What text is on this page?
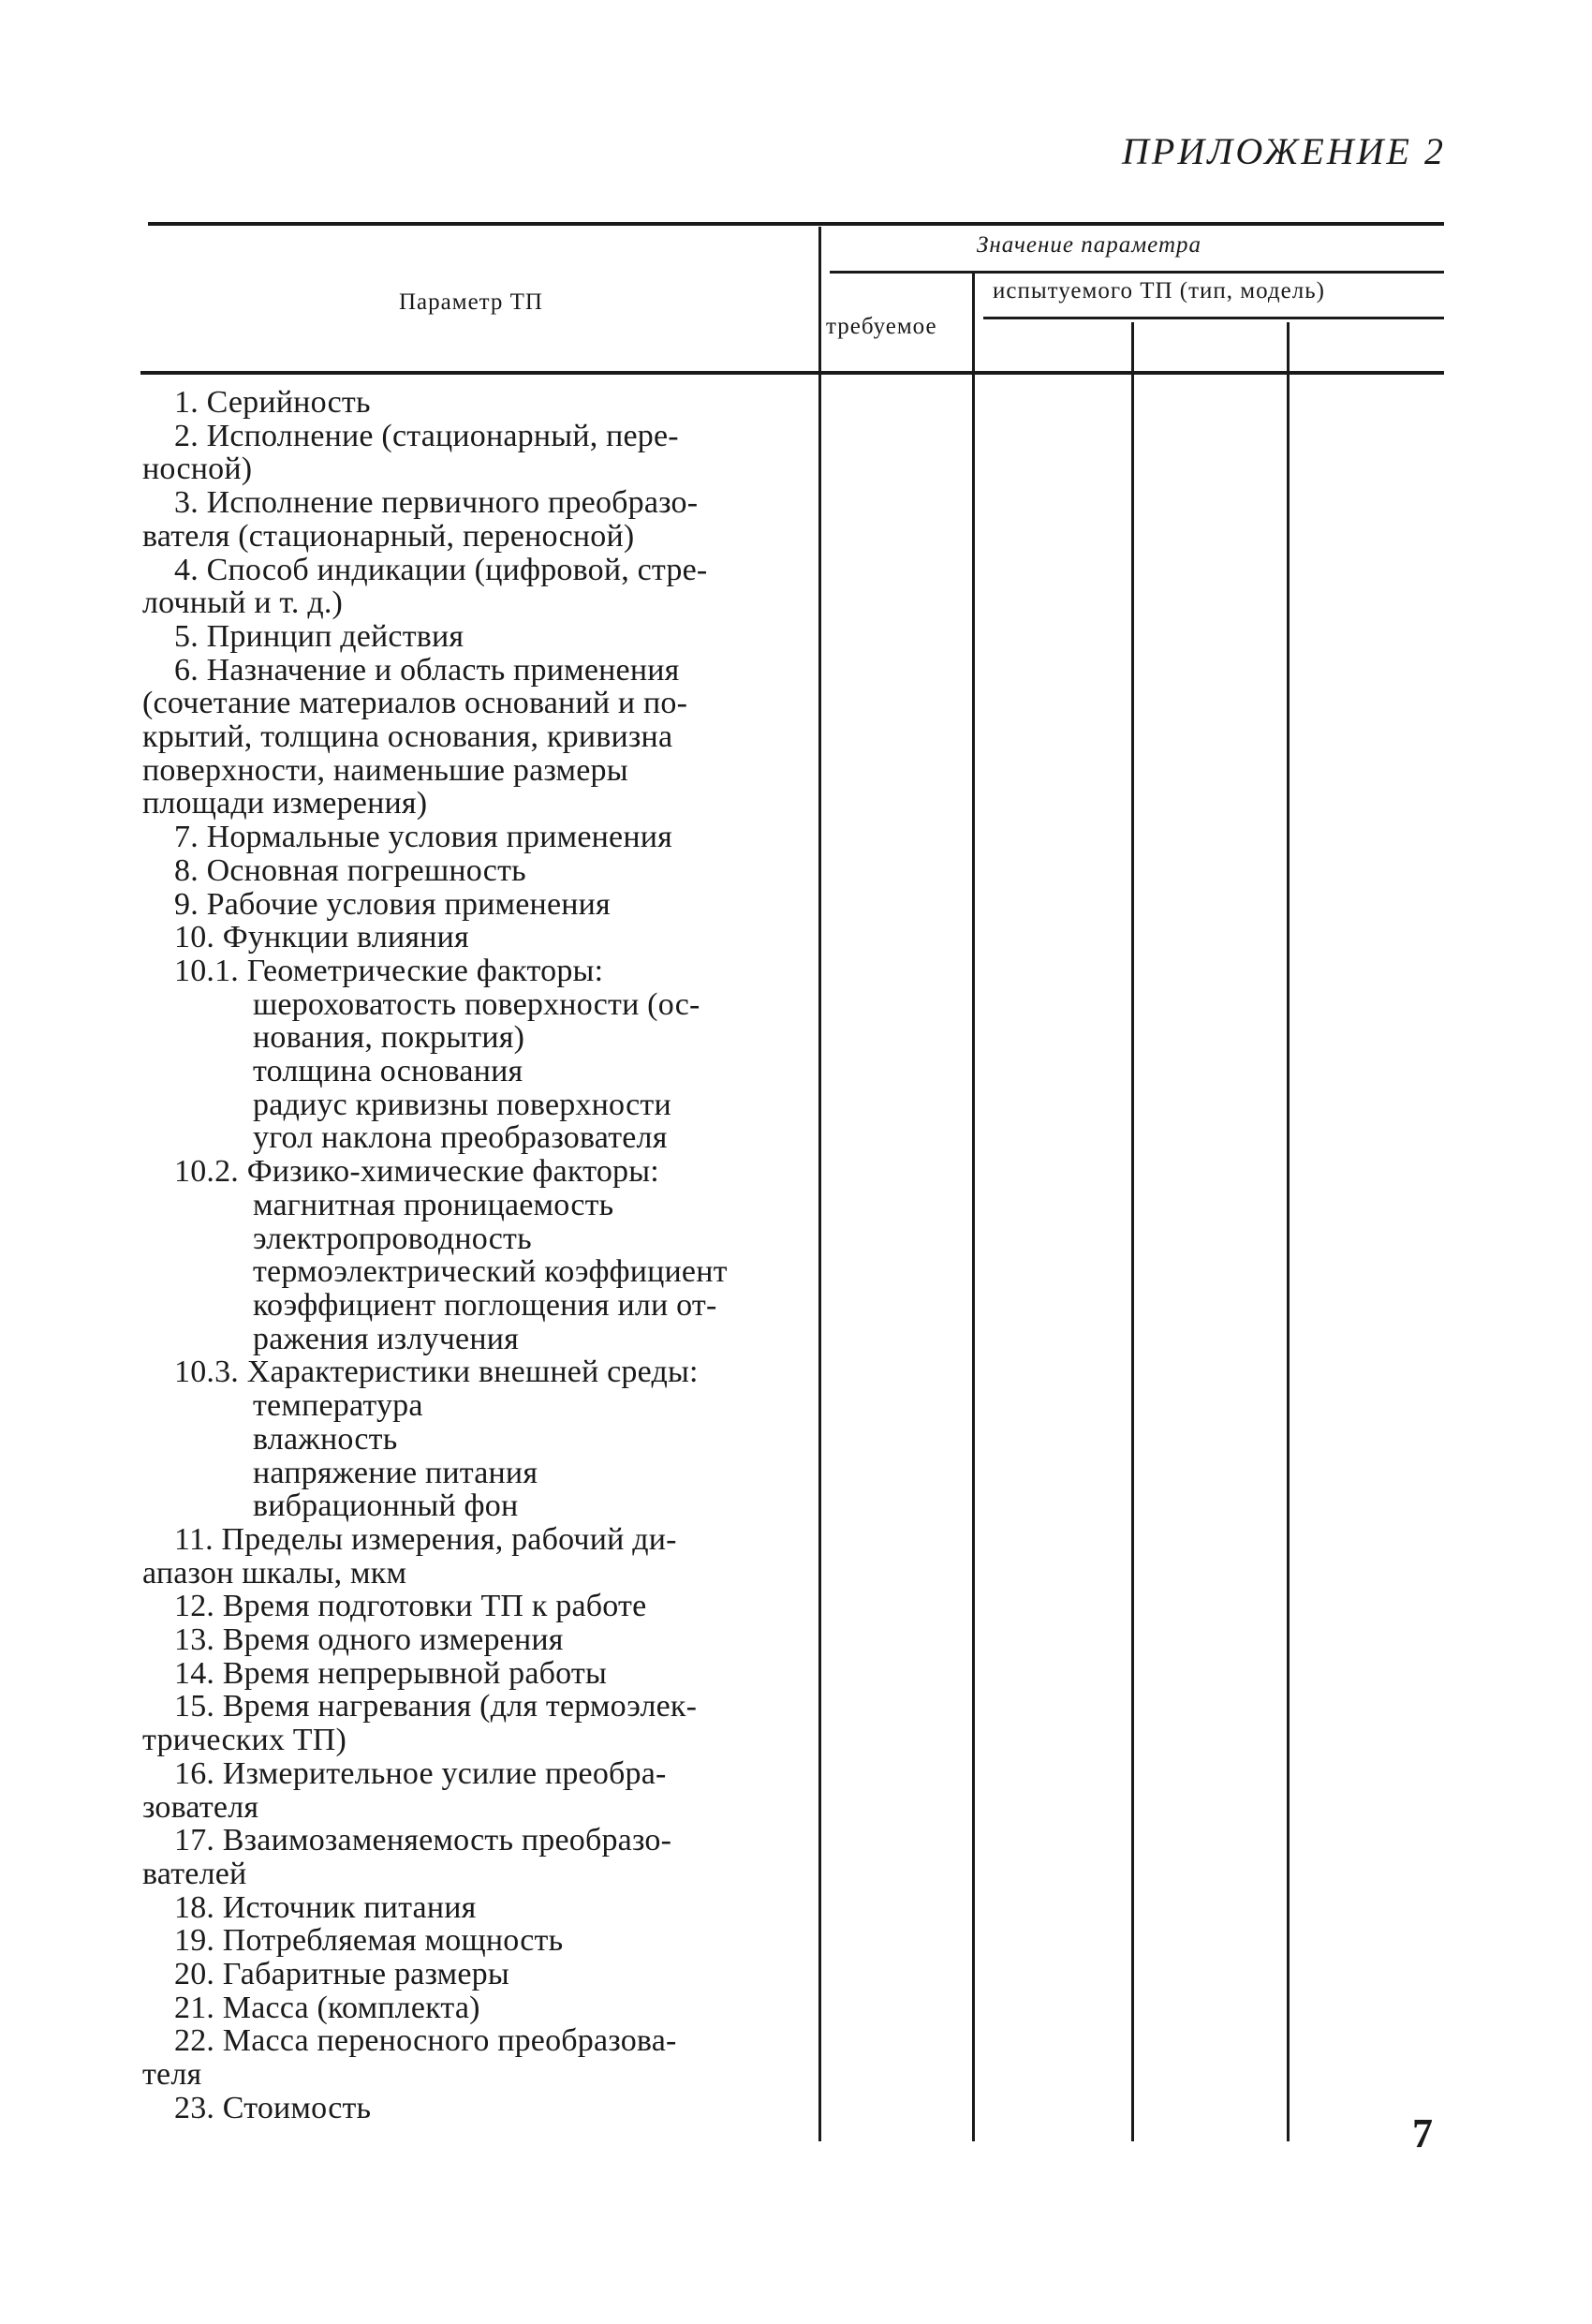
ПРИЛОЖЕНИЕ 2
Параметр ТП
Значение параметра
испытуемого ТП (тип, модель)
требуемое
1. Серийность
2. Исполнение (стационарный, пере-
носной)
3. Исполнение первичного преобразо-
вателя (стационарный, переносной)
4. Способ индикации (цифровой, стре-
лочный и т. д.)
5. Принцип действия
6. Назначение и область применения
(сочетание материалов оснований и по-
крытий, толщина основания, кривизна
поверхности, наименьшие размеры
площади измерения)
7. Нормальные условия применения
8. Основная погрешность
9. Рабочие условия применения
10. Функции влияния
10.1. Геометрические факторы:
шероховатость поверхности (ос-
нования, покрытия)
толщина основания
радиус кривизны поверхности
угол наклона преобразователя
10.2. Физико-химические факторы:
магнитная проницаемость
электропроводность
термоэлектрический коэффициент
коэффициент поглощения или от-
ражения излучения
10.3. Характеристики внешней среды:
температура
влажность
напряжение питания
вибрационный фон
11. Пределы измерения, рабочий ди-
апазон шкалы, мкм
12. Время подготовки ТП к работе
13. Время одного измерения
14. Время непрерывной работы
15. Время нагревания (для термоэлек-
трических ТП)
16. Измерительное усилие преобра-
зователя
17. Взаимозаменяемость преобразо-
вателей
18. Источник питания
19. Потребляемая мощность
20. Габаритные размеры
21. Масса (комплекта)
22. Масса переносного преобразова-
теля
23. Стоимость
7
